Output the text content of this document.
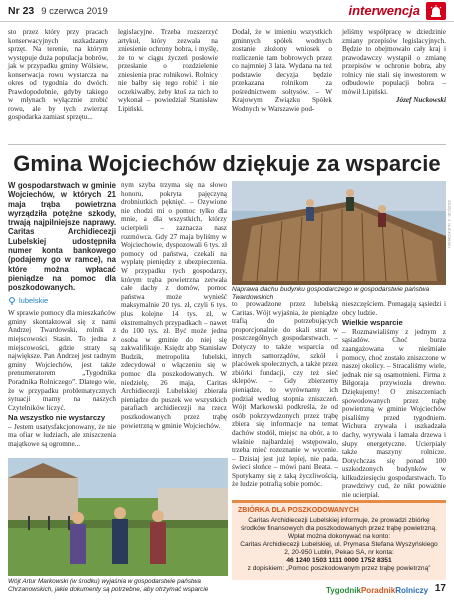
Nr 23 9 czerwca 2019	interwencja
sto przez który przy pracach konserwacyjnych uszkadzamy sprzęt. Na terenie, na którym występuje duża populacja bobrów, jak w przypadku gminy Wólsiew, konserwacja rowu wystarcza na okres od tygodnia do dwóch. Prawdopodobnie, gdyby takiego w młynach wyłącznie zrobić rowu, ale by tych zwierząt gospodarka zamiast sprzętu...
legislacyjne. Trzeba rozszerzyć artykuł, który zezwala na zniesienie ochrony bobra, i myślę, że to w ciągu życzeń posłowie przesłanie o rozdzielenie zniesienia prac rolnikowi. Rolnicy nie bałby się tego robić i nie oczekiwałby, żeby ktoś za nich to wykonał – powiedział Stanisław Lipiński.
Dodał, że w imieniu wszystkich gminnych spółek wodnych zostanie złożony wniosek o rozliczenie tam bobrowych przez co najmniej 3 lata. Wydana na też podstawie decyzja będzie przekazana rolnikom za pośrednictwem sołtysów. – W Krajowym Związku Spółek Wodnych w Warszawie pod-
jeliśmy współpracę w dziedzinie zmiany przepisów legislacyjnych. Będzie to obejmowało cały kraj i prawodawczy wystąpił o zmianę przepisów w ochronie bobra, aby rolnicy nie stali się inwestorem w odbudowie populacji bobra – mówił Lipiński.
Józef Nuckowski
Gmina Wojciechów dziękuje za wsparcie

W gospodarstwach w gminie Wojciechów, w których 21 maja trąba powietrzna wyrządziła potężne szkody, trwają najpilniejsze naprawy. Caritas Archidiecezji Lubelskiej udostępniła numer konta bankowego (podajemy go w ramce), na które można wpłacać pieniądze na pomoc dla poszkodowanych.

lubelskie

W sprawie pomocy dla mieszkańców gminy skontaktował się z nami Andrzej Twardowski, rolnik z miejscowości Stasin. To jedna z miejscowości, gdzie straty są największe. Pan Andrzej jest radnym gminy Wojciechów, jest także prenumeratorem „Tygodnika Poradnika Rolniczego”. Dlatego wie, że w przypadku problematycznych sytuacji mamy na naszych Czytelników liczyć.

Na wszystko nie wystarczy

– Jestem usatysfakcjonowany, że nie ma ofiar w ludziach, ale zniszczenia majątkowe są ogromne...

nym szyba trzyma się na słowo honoru, pokryta pajęczyną drobniutkich pęknięć. – Ozywione nie chodzi mi o pomoc tylko dla mnie, a dla wszystkich, którzy ucierpieli – zaznacza nasz rozmówca. Gdy 27 maja byliśmy w Wojciechowie, dyspozowali 6 tys. zł pomocy od państwa, czekali na wypłatę pieniędzy z ubezpieczenia. W przypadku tych gospodarzy, którym trąba powietrzna zerwała całe dachy z domów, pomoc państwa może wynieść maksymalnie 20 tys. zł, czyli 6 tys. plus kolejne 14 tys. zł, w ekstremalnych przypadkach – nawet do 100 tys. zł. Być może jedna osoba w gminie do niej się zakwalifikuje. Księdz abp Stanisław Budzik, metropolita lubelski, zdecydował o włączeniu się w pomoc dla poszkodowanych. W niedzielę, 26 maja, Caritas Archidiecezji Lubelskiej zbierała pieniądze do puszek we wszystkich parafiach archidiecezji na rzecz poszkodowanych przez trąbę powietrzną w gminie Wojciechów.

ZDJĘCIE: J. NUCKOWSKI
Naprawa dachu budynku gospodarczego w gospodarstwie państwa Twardowskich

to prowadzone przez lubelską Caritas. Wójt wyjaśnia, że pieniądze trafią do potrzebujących proporcjonalnie do skali strat w poszczególnych gospodarstwach. – Dotyczy to także wsparcia od innych samorządów, szkół i placówek społecznych, a także przez zbiórki fundacji, czy też sieć sklepów. – Gdy zbierzemy pieniądze, to wyrównamy ich podział według stopnia zniszczeń. Wójt Markowski podkreśla, że od osób pokrzywdzonych przez trąbę zbiera się informacje na temat dachów stodół, miejsc na obór, a to właśnie najbardziej wstępowało, trzeba mieć rozeznanie w wycenie. – Dzisiaj jest już lepiej, nie pada, świeci słońce – mówi pani Beata. – Spotykamy się z taką życzliwością, że ludzie potrafią sobie pomóc.

nieszczęściem. Pomagają sąsiedzi i obcy ludzie.

Wielkie wsparcie

– Rozmawialiśmy z jednym z sąsiadów. Choć burza zaangażowana w nieśmiałe pomocy, choć zostało zniszczone w naszej okolicy. – Stracaliśmy wiele, jednak nie są osamotnieni. Firma z Biłgoraja przywiozła drewno. Dziękujemy! O zniszczeniach spowodowanych przez trąbę powietrzną w gminie Wojciechów pisaliśmy przed tygodniem. Wichura zrywała i uszkadzała dachy, wyrywała i łamała drzewa i słupy energetyczne. Ucierpiały także maszyny rolnicze. Dotychczas się ponad 100 uszkodzonych budynków w kilkudziesięciu gospodarstwach. To prawdziwy cud, że nikt poważnie nie ucierpiał.

Wójt Artur Markowski (w środku) wyjaśnia w gospodarstwie państwa Chrzanowskich, jakie dokumenty są potrzebne, aby otrzymać wsparcie
ZBIÓRKA DLA POSZKODOWANYCH
Caritas Archidiecezji Lubelskiej informuje, że prowadzi zbiórkę środków finansowych dla poszkodowanych przez trąbę powietrzną. Wpłat można dokonywać na konto:
Caritas Archidiecezji Lubelskiej, ul. Prymasa Stefana Wyszyńskiego 2, 20-950 Lublin, Pekao SA, nr konta:
46 1240 1503 1111 0000 1752 8351
z dopiskiem: „Pomoc poszkodowanym przez trąbę powietrzną”
TygodnikPoradnikRolniczy 17
